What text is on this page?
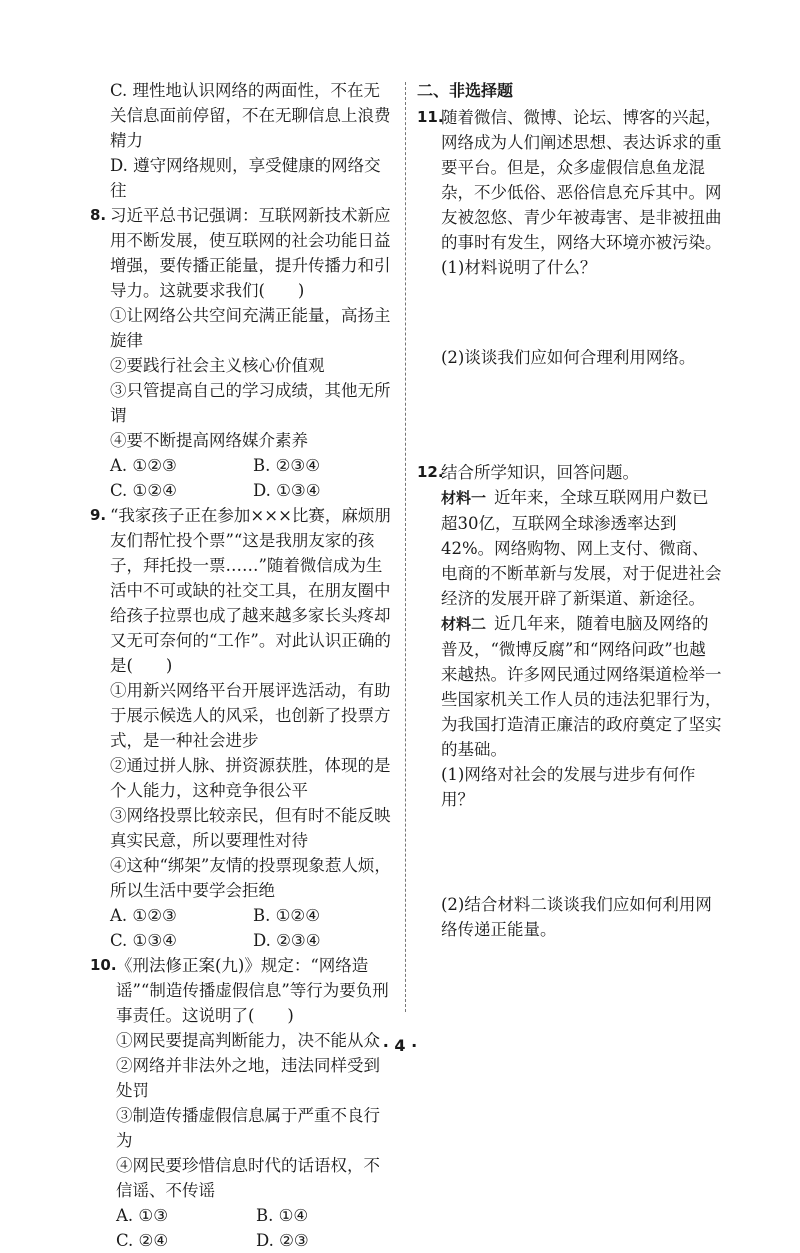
C. 理性地认识网络的两面性，不在无关信息面前停留，不在无聊信息上浪费精力
D. 遵守网络规则，享受健康的网络交往
8. 习近平总书记强调：互联网新技术新应用不断发展，使互联网的社会功能日益增强，要传播正能量，提升传播力和引导力。这就要求我们(　　)
①让网络公共空间充满正能量，高扬主旋律
②要践行社会主义核心价值观
③只管提高自己的学习成绩，其他无所谓
④要不断提高网络媒介素养
A. ①②③	B. ②③④
C. ①②④	D. ①③④
9. “我家孩子正在参加×××比赛，麻烦朋友们帮忙投个票”“这是我朋友家的孩子，拜托投一票……”随着微信成为生活中不可或缺的社交工具，在朋友圈中给孩子拉票也成了越来越多家长头疼却又无可奈何的“工作”。对此认识正确的是(　　)
①用新兴网络平台开展评选活动，有助于展示候选人的风采，也创新了投票方式，是一种社会进步
②通过拼人脉、拼资源获胜，体现的是个人能力，这种竞争很公平
③网络投票比较亲民，但有时不能反映真实民意，所以要理性对待
④这种“绑架”友情的投票现象惹人烦，所以生活中要学会拒绝
A. ①②③	B. ①②④
C. ①③④	D. ②③④
10. 《刑法修正案(九)》规定：“网络造谣”“制造传播虚假信息”等行为要负刑事责任。这说明了(　　)
①网民要提高判断能力，决不能从众
②网络并非法外之地，违法同样受到处罚
③制造传播虚假信息属于严重不良行为
④网民要珍惜信息时代的话语权，不信谣、不传谣
A. ①③	B. ①④
C. ②④	D. ②③
二、非选择题
11.
随着微信、微博、论坛、博客的兴起，网络成为人们阐述思想、表达诉求的重要平台。但是，众多虚假信息鱼龙混杂，不少低俗、恶俗信息充斥其中。网友被忽悠、青少年被毒害、是非被扭曲的事时有发生，网络大环境亦被污染。
(1)材料说明了什么？
(2)谈谈我们应如何合理利用网络。
12.
结合所学知识，回答问题。
材料一 近年来，全球互联网用户数已超30亿，互联网全球渗透率达到42%。网络购物、网上支付、微商、电商的不断革新与发展，对于促进社会经济的发展开辟了新渠道、新途径。
材料二 近几年来，随着电脑及网络的普及，“微博反腐”和“网络问政”也越来越热。许多网民通过网络渠道检举一些国家机关工作人员的违法犯罪行为，为我国打造清正廉洁的政府奠定了坚实的基础。
(1)网络对社会的发展与进步有何作用？
(2)结合材料二谈谈我们应如何利用网络传递正能量。
· 4 ·
